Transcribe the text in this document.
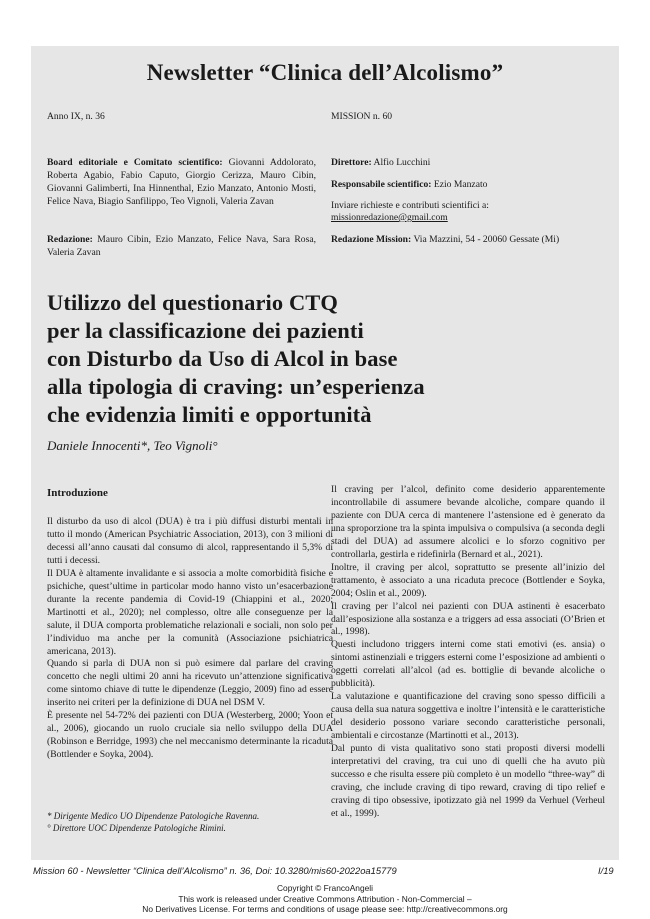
Newsletter “Clinica dell’Alcolismo”
Anno IX, n. 36	MISSION n. 60
Board editoriale e Comitato scientifico: Giovanni Addolorato, Roberta Agabio, Fabio Caputo, Giorgio Cerizza, Mauro Cibin, Giovanni Galimberti, Ina Hinnenthal, Ezio Manzato, Antonio Mosti, Felice Nava, Biagio Sanfilippo, Teo Vignoli, Valeria Zavan
Redazione: Mauro Cibin, Ezio Manzato, Felice Nava, Sara Rosa, Valeria Zavan
Direttore: Alfio Lucchini
Responsabile scientifico: Ezio Manzato
Inviare richieste e contributi scientifici a:
missionredazione@gmail.com
Redazione Mission: Via Mazzini, 54 - 20060 Gessate (Mi)
Utilizzo del questionario CTQ
per la classificazione dei pazienti
con Disturbo da Uso di Alcol in base
alla tipologia di craving: un’esperienza
che evidenzia limiti e opportunità
Daniele Innocenti*, Teo Vignoli°
Introduzione

Il disturbo da uso di alcol (DUA) è tra i più diffusi disturbi mentali in tutto il mondo (American Psychiatric Association, 2013), con 3 milioni di decessi all’anno causati dal consumo di alcol, rappresentando il 5,3% di tutti i decessi.

Il DUA è altamente invalidante e si associa a molte comorbidità fisiche e psichiche, quest’ultime in particolar modo hanno visto un’esacerbazione durante la recente pandemia di Covid-19 (Chiappini et al., 2020; Martinotti et al., 2020); nel complesso, oltre alle conseguenze per la salute, il DUA comporta problematiche relazionali e sociali, non solo per l’individuo ma anche per la comunità (Associazione psichiatrica americana, 2013).

Quando si parla di DUA non si può esimere dal parlare del craving concetto che negli ultimi 20 anni ha ricevuto un’attenzione significativa come sintomo chiave di tutte le dipendenze (Leggio, 2009) fino ad essere inserito nei criteri per la definizione di DUA nel DSM V.

È presente nel 54-72% dei pazienti con DUA (Westerberg, 2000; Yoon et al., 2006), giocando un ruolo cruciale sia nello sviluppo della DUA (Robinson e Berridge, 1993) che nel meccanismo determinante la ricaduta (Bottlender e Soyka, 2004).

Il craving per l’alcol, definito come desiderio apparentemente incontrollabile di assumere bevande alcoliche, compare quando il paziente con DUA cerca di mantenere l’astensione ed è generato da una sproporzione tra la spinta impulsiva o compulsiva (a seconda degli stadi del DUA) ad assumere alcolici e lo sforzo cognitivo per controllarla, gestirla e ridefinirla (Bernard et al., 2021).

Inoltre, il craving per alcol, soprattutto se presente all’inizio del trattamento, è associato a una ricaduta precoce (Bottlender e Soyka, 2004; Oslin et al., 2009).

Il craving per l’alcol nei pazienti con DUA astinenti è esacerbato dall’esposizione alla sostanza e a triggers ad essa associati (O’Brien et al., 1998).

Questi includono triggers interni come stati emotivi (es. ansia) o sintomi astinenziali e triggers esterni come l’esposizione ad ambienti o oggetti correlati all’alcol (ad es. bottiglie di bevande alcoliche o pubblicità).

La valutazione e quantificazione del craving sono spesso difficili a causa della sua natura soggettiva e inoltre l’intensità e le caratteristiche del desiderio possono variare secondo caratteristiche personali, ambientali e circostanze (Martinotti et al., 2013).

Dal punto di vista qualitativo sono stati proposti diversi modelli interpretativi del craving, tra cui uno di quelli che ha avuto più successo e che risulta essere più completo è un modello “three-way” di craving, che include craving di tipo reward, craving di tipo relief e craving di tipo obsessive, ipotizzato già nel 1999 da Verhuel (Verheul et al., 1999).

* Dirigente Medico UO Dipendenze Patologiche Ravenna.
° Direttore UOC Dipendenze Patologiche Rimini.
Mission 60 - Newsletter “Clinica dell’Alcolismo” n. 36, Doi: 10.3280/mis60-2022oa15779	I/19
Copyright © FrancoAngeli
This work is released under Creative Commons Attribution - Non-Commercial –
No Derivatives License. For terms and conditions of usage please see: http://creativecommons.org
